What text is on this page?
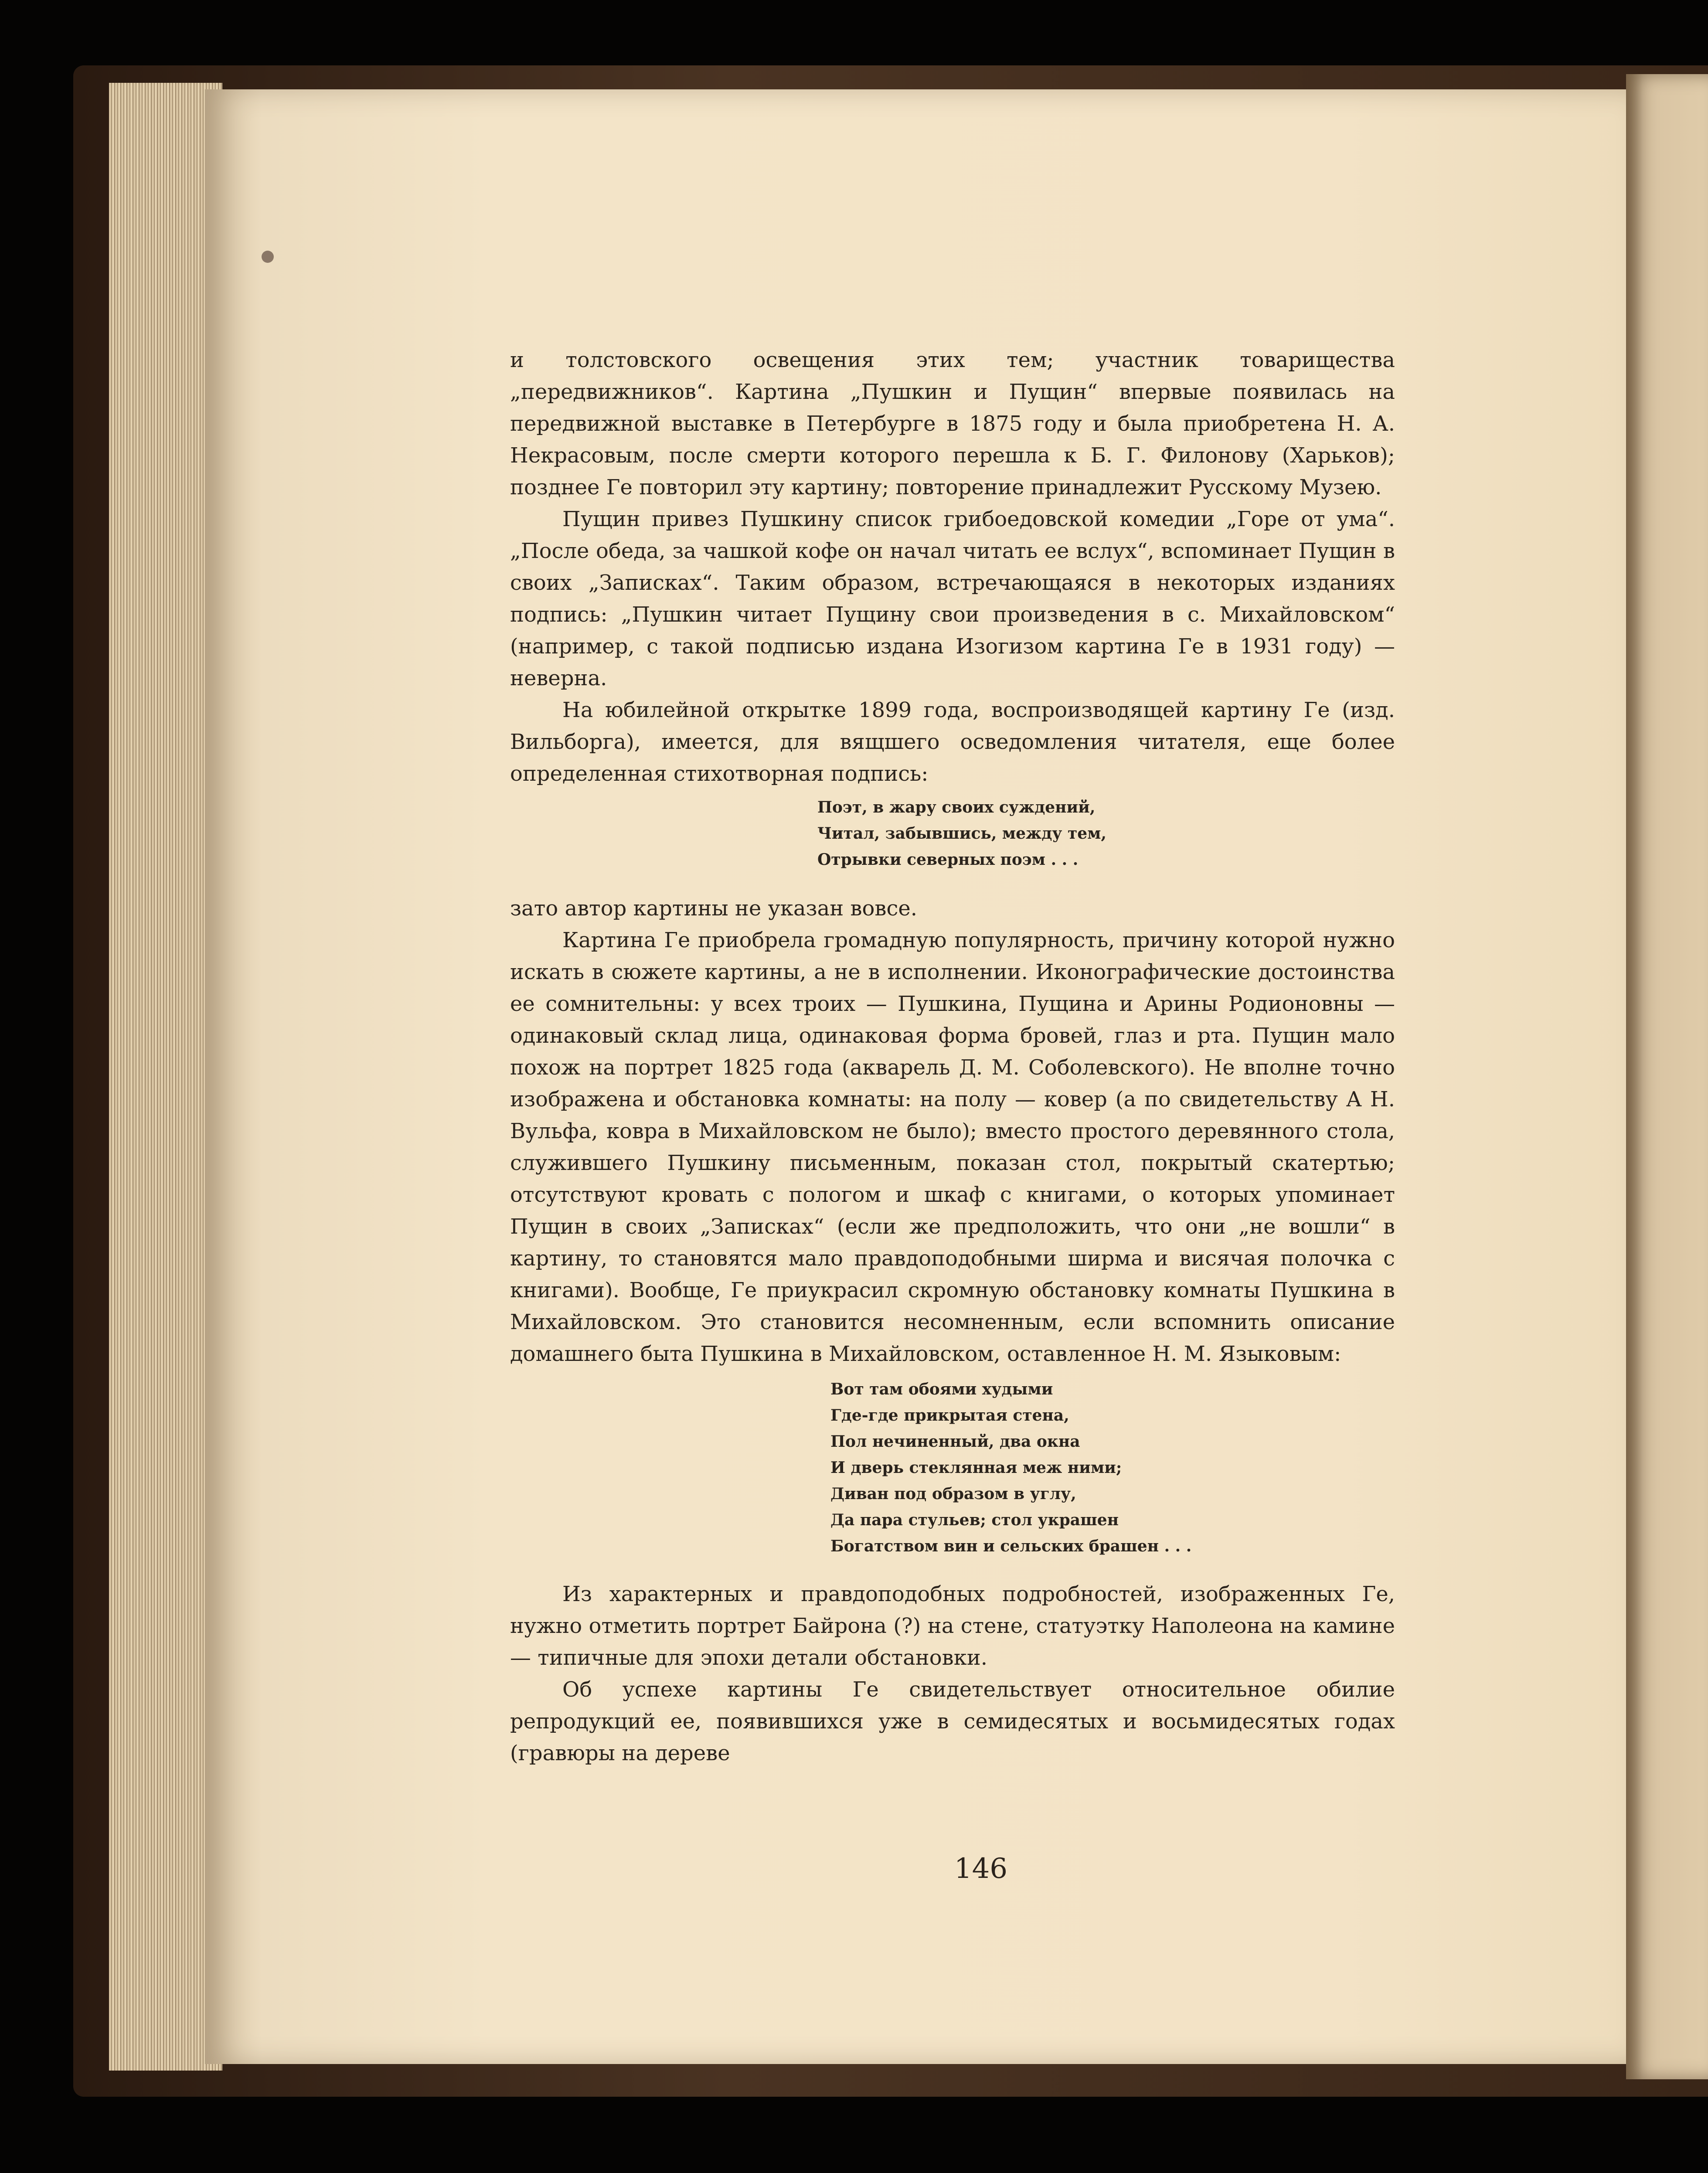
и толстовского освещения этих тем; участник товарищества „передвижников“. Картина „Пушкин и Пущин“ впервые появилась на передвижной выставке в Петербурге в 1875 году и была приобретена Н. А. Некрасовым, после смерти которого перешла к Б. Г. Филонову (Харьков); позднее Ге повторил эту картину; повторение принадлежит Русскому Музею.

Пущин привез Пушкину список грибоедовской комедии „Горе от ума“. „После обеда, за чашкой кофе он начал читать ее вслух“, вспоминает Пущин в своих „Записках“. Таким образом, встречающаяся в некоторых изданиях подпись: „Пушкин читает Пущину свои произведения в с. Михайловском“ (например, с такой подписью издана Изогизом картина Ге в 1931 году) — неверна.

На юбилейной открытке 1899 года, воспроизводящей картину Ге (изд. Вильборга), имеется, для вящшего осведомления читателя, еще более определенная стихотворная подпись:

Поэт, в жару своих суждений,
Читал, забывшись, между тем,
Отрывки северных поэм . . .

зато автор картины не указан вовсе.

Картина Ге приобрела громадную популярность, причину которой нужно искать в сюжете картины, а не в исполнении. Иконографические достоинства ее сомнительны: у всех троих — Пушкина, Пущина и Арины Родионовны — одинаковый склад лица, одинаковая форма бровей, глаз и рта. Пущин мало похож на портрет 1825 года (акварель Д. М. Соболевского). Не вполне точно изображена и обстановка комнаты: на полу — ковер (а по свидетельству А Н. Вульфа, ковра в Михайловском не было); вместо простого деревянного стола, служившего Пушкину письменным, показан стол, покрытый скатертью; отсутствуют кровать с пологом и шкаф с книгами, о которых упоминает Пущин в своих „Записках“ (если же предположить, что они „не вошли“ в картину, то становятся мало правдоподобными ширма и висячая полочка с книгами). Вообще, Ге приукрасил скромную обстановку комнаты Пушкина в Михайловском. Это становится несомненным, если вспомнить описание домашнего быта Пушкина в Михайловском, оставленное Н. М. Языковым:

Вот там обоями худыми
Где-где прикрытая стена,
Пол нечиненный, два окна
И дверь стеклянная меж ними;
Диван под образом в углу,
Да пара стульев; стол украшен
Богатством вин и сельских брашен . . .

Из характерных и правдоподобных подробностей, изображенных Ге, нужно отметить портрет Байрона (?) на стене, статуэтку Наполеона на камине — типичные для эпохи детали обстановки.

Об успехе картины Ге свидетельствует относительное обилие репродукций ее, появившихся уже в семидесятых и восьмидесятых годах (гравюры на дереве

146
